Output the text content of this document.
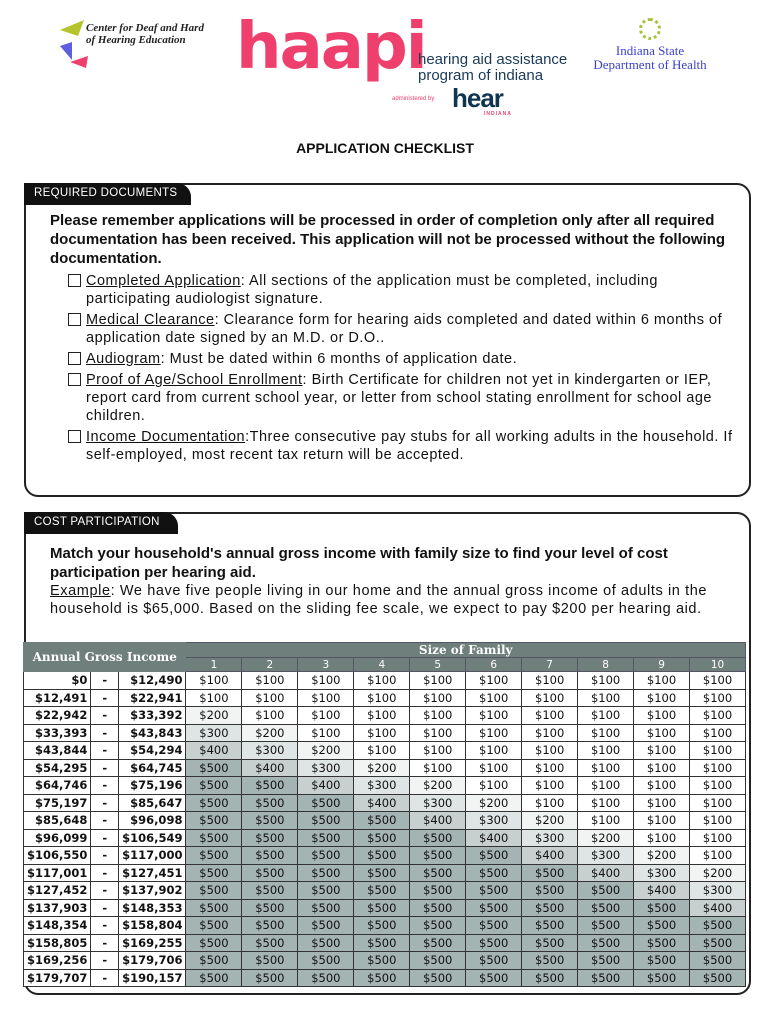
Center for Deaf and Hard of Hearing Education haapi
hearing aid assistance
program of indiana
administered by hear
INDIANA
Indiana State
Department of Health
APPLICATION CHECKLIST
REQUIRED DOCUMENTS
Please remember applications will be processed in order of completion only after all required documentation has been received. This application will not be processed without the following documentation.
Completed Application: All sections of the application must be completed, including participating audiologist signature.
Medical Clearance: Clearance form for hearing aids completed and dated within 6 months of application date signed by an M.D. or D.O..
Audiogram: Must be dated within 6 months of application date.
Proof of Age/School Enrollment: Birth Certificate for children not yet in kindergarten or IEP, report card from current school year, or letter from school stating enrollment for school age children.
Income Documentation:Three consecutive pay stubs for all working adults in the household. If self-employed, most recent tax return will be accepted.
COST PARTICIPATION
Match your household's annual gross income with family size to find your level of cost participation per hearing aid.
Example: We have five people living in our home and the annual gross income of adults in the household is $65,000. Based on the sliding fee scale, we expect to pay $200 per hearing aid.
Annual Gross Income			Size of Family									
			1	2	3	4	5	6	7	8	9	10
$0	-	$12,490	$100	$100	$100	$100	$100	$100	$100	$100	$100	$100
$12,491	-	$22,941	$100	$100	$100	$100	$100	$100	$100	$100	$100	$100
$22,942	-	$33,392	$200	$100	$100	$100	$100	$100	$100	$100	$100	$100
$33,393	-	$43,843	$300	$200	$100	$100	$100	$100	$100	$100	$100	$100
$43,844	-	$54,294	$400	$300	$200	$100	$100	$100	$100	$100	$100	$100
$54,295	-	$64,745	$500	$400	$300	$200	$100	$100	$100	$100	$100	$100
$64,746	-	$75,196	$500	$500	$400	$300	$200	$100	$100	$100	$100	$100
$75,197	-	$85,647	$500	$500	$500	$400	$300	$200	$100	$100	$100	$100
$85,648	-	$96,098	$500	$500	$500	$500	$400	$300	$200	$100	$100	$100
$96,099	-	$106,549	$500	$500	$500	$500	$500	$400	$300	$200	$100	$100
$106,550	-	$117,000	$500	$500	$500	$500	$500	$500	$400	$300	$200	$100
$117,001	-	$127,451	$500	$500	$500	$500	$500	$500	$500	$400	$300	$200
$127,452	-	$137,902	$500	$500	$500	$500	$500	$500	$500	$500	$400	$300
$137,903	-	$148,353	$500	$500	$500	$500	$500	$500	$500	$500	$500	$400
$148,354	-	$158,804	$500	$500	$500	$500	$500	$500	$500	$500	$500	$500
$158,805	-	$169,255	$500	$500	$500	$500	$500	$500	$500	$500	$500	$500
$169,256	-	$179,706	$500	$500	$500	$500	$500	$500	$500	$500	$500	$500
$179,707	-	$190,157	$500	$500	$500	$500	$500	$500	$500	$500	$500	$500
